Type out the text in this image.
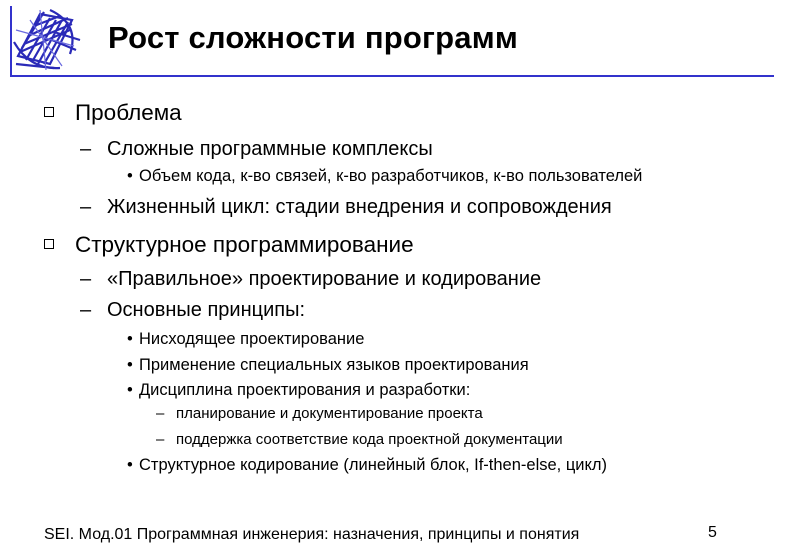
Рост сложности программ
Проблема
– Сложные программные комплексы
• Объем кода, к-во связей, к-во разработчиков, к-во пользователей
– Жизненный цикл: стадии внедрения и сопровождения
Структурное программирование
– «Правильное» проектирование и кодирование
– Основные принципы:
• Нисходящее проектирование
• Применение специальных языков проектирования
• Дисциплина проектирования и разработки:
– планирование и документирование проекта
– поддержка соответствие кода проектной документации
• Структурное кодирование (линейный блок, If-then-else, цикл)
SEI. Мод.01 Программная инженерия: назначения, принципы и понятия	5
